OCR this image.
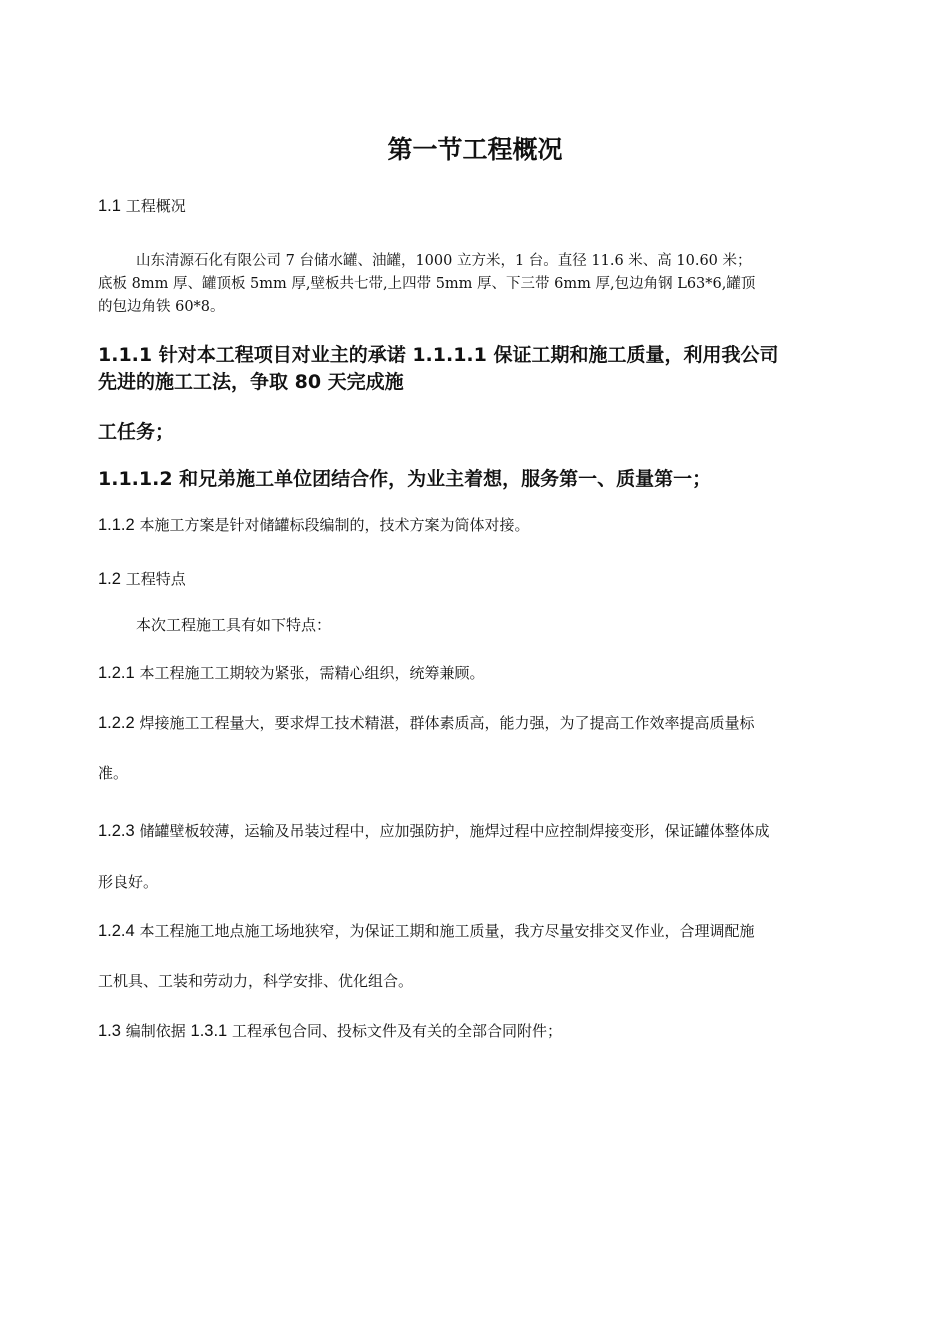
第一节工程概况
1.1 工程概况
山东清源石化有限公司 7 台储水罐、油罐，1000 立方米，1 台。直径 11.6 米、高 10.60 米；
底板 8mm 厚、罐顶板 5mm 厚,壁板共七带,上四带 5mm 厚、下三带 6mm 厚,包边角钢 L63*6,罐顶
的包边角铁 60*8。
1.1.1 针对本工程项目对业主的承诺 1.1.1.1 保证工期和施工质量，利用我公司
先进的施工工法，争取 80 天完成施
工任务；
1.1.1.2 和兄弟施工单位团结合作，为业主着想，服务第一、质量第一；
1.1.2 本施工方案是针对储罐标段编制的，技术方案为筒体对接。
1.2 工程特点
本次工程施工具有如下特点：
1.2.1 本工程施工工期较为紧张，需精心组织，统筹兼顾。
1.2.2 焊接施工工程量大，要求焊工技术精湛，群体素质高，能力强，为了提高工作效率提高质量标
准。
1.2.3 储罐壁板较薄，运输及吊装过程中，应加强防护，施焊过程中应控制焊接变形，保证罐体整体成
形良好。
1.2.4 本工程施工地点施工场地狭窄，为保证工期和施工质量，我方尽量安排交叉作业，合理调配施
工机具、工装和劳动力，科学安排、优化组合。
1.3 编制依据 1.3.1 工程承包合同、投标文件及有关的全部合同附件；
